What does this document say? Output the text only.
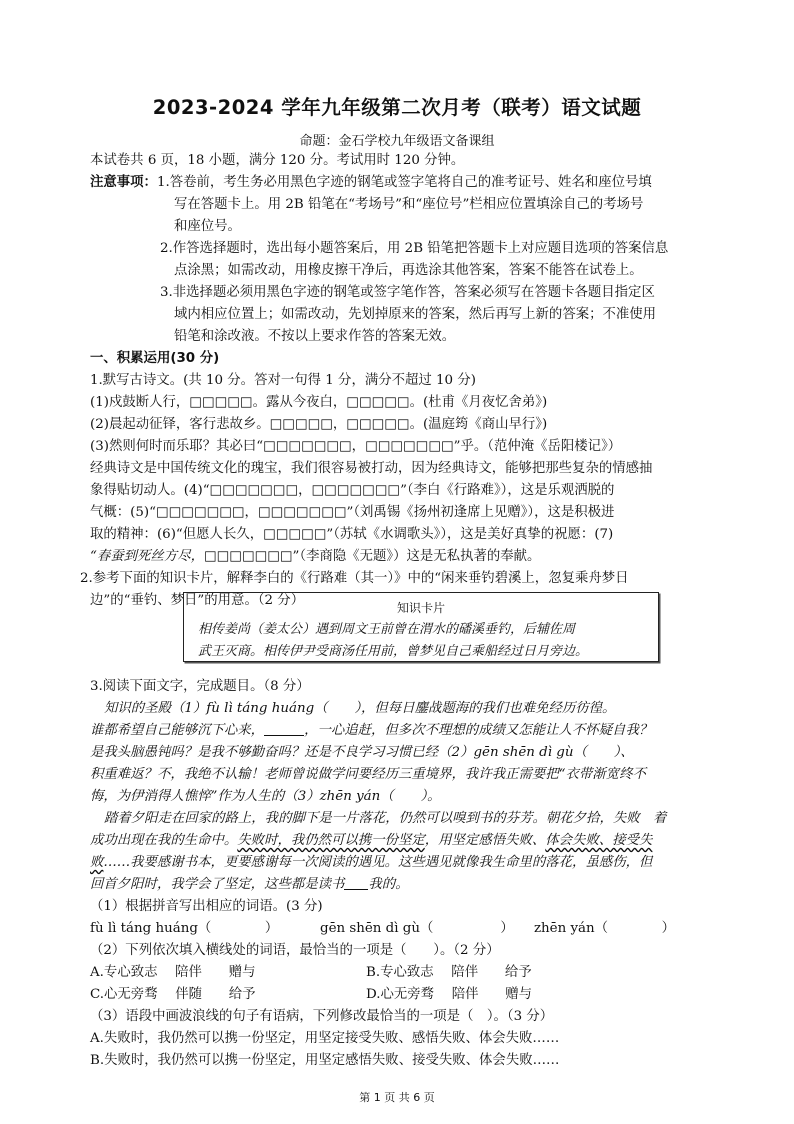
2023-2024 学年九年级第二次月考（联考）语文试题
命题：金石学校九年级语文备课组
本试卷共 6 页，18 小题，满分 120 分。考试用时 120 分钟。
注意事项：1.答卷前，考生务必用黑色字迹的钢笔或签字笔将自己的准考证号、姓名和座位号填
写在答题卡上。用 2B 铅笔在“考场号”和“座位号”栏相应位置填涂自己的考场号
和座位号。
2.作答选择题时，选出每小题答案后，用 2B 铅笔把答题卡上对应题目选项的答案信息
点涂黑；如需改动，用橡皮擦干净后，再选涂其他答案，答案不能答在试卷上。
3.非选择题必须用黑色字迹的钢笔或签字笔作答，答案必须写在答题卡各题目指定区
域内相应位置上；如需改动，先划掉原来的答案，然后再写上新的答案；不准使用
铅笔和涂改液。不按以上要求作答的答案无效。
一、积累运用(30 分)
1.默写古诗文。(共 10 分。答对一句得 1 分，满分不超过 10 分)
(1)戍鼓断人行，□□□□□。露从今夜白，□□□□□。(杜甫《月夜忆舍弟》)
(2)晨起动征铎，客行悲故乡。□□□□□，□□□□□。(温庭筠《商山早行》)
(3)然则何时而乐耶？其必曰“□□□□□□□，□□□□□□□”乎。（范仲淹《岳阳楼记》）
经典诗文是中国传统文化的瑰宝，我们很容易被打动，因为经典诗文，能够把那些复杂的情感抽
象得贴切动人。(4)“□□□□□□□，□□□□□□□”（李白《行路难》），这是乐观洒脱的
气概：(5)“□□□□□□□，□□□□□□□”（刘禹锡《扬州初逢席上见赠》），这是积极进
取的精神：(6)“但愿人长久，□□□□□”（苏轼《水调歌头》），这是美好真挚的祝愿：(7)
“春蚕到死丝方尽，□□□□□□□”（李商隐《无题》）这是无私执著的奉献。
2.参考下面的知识卡片，解释李白的《行路难（其一）》中的“闲来垂钓碧溪上，忽复乘舟梦日
边”的“垂钓、梦日”的用意。（2 分）	知识卡片
相传姜尚（姜太公）遇到周文王前曾在渭水的磻溪垂钓，后辅佐周
武王灭商。相传伊尹受商汤任用前，曾梦见自己乘船经过日月旁边。
3.阅读下面文字，完成题目。（8 分）
知识的圣殿（1）fù lì táng huáng（　　），但每日鏖战题海的我们也难免经历彷徨。
谁都希望自己能够沉下心来，	，一心追赶，但多次不理想的成绩又怎能让人不怀疑自我？
是我头脑愚钝吗？是我不够勤奋吗？还是不良学习习惯已经（2）gēn shēn dì gù（　　）、
积重难返？不，我绝不认输！老师曾说做学问要经历三重境界，我许我正需要把“衣带渐宽终不
悔，为伊消得人憔悴”作为人生的（3）zhēn yán（　　）。
踏着夕阳走在回家的路上，我的脚下是一片落花，仍然可以嗅到书的芬芳。朝花夕拾，失败　着
成功出现在我的生命中。失败时，我仍然可以携一份坚定，用坚定感悟失败、体会失败、接受失
败……我要感谢书本，更要感谢每一次阅读的遇见。这些遇见就像我生命里的落花，虽感伤，但
回首夕阳时，我学会了坚定，这些都是读书 我的。
（1）根据拼音写出相应的词语。(3 分)
fù lì táng huáng（　　　　）	gēn shēn dì gù（　　　　　） zhēn yán（　　　　）
（2）下列依次填入横线处的词语，最恰当的一项是（　　）。（2 分）
A.专心致志　 陪伴　　赠与	B.专心致志　 陪伴　　给予
C.心无旁骛　 伴随　　给予	D.心无旁骛　 陪伴　　赠与
（3）语段中画波浪线的句子有语病，下列修改最恰当的一项是（　）。（3 分）
A.失败时，我仍然可以携一份坚定，用坚定接受失败、感悟失败、体会失败……
B.失败时，我仍然可以携一份坚定，用坚定感悟失败、接受失败、体会失败……
第 1 页 共 6 页
